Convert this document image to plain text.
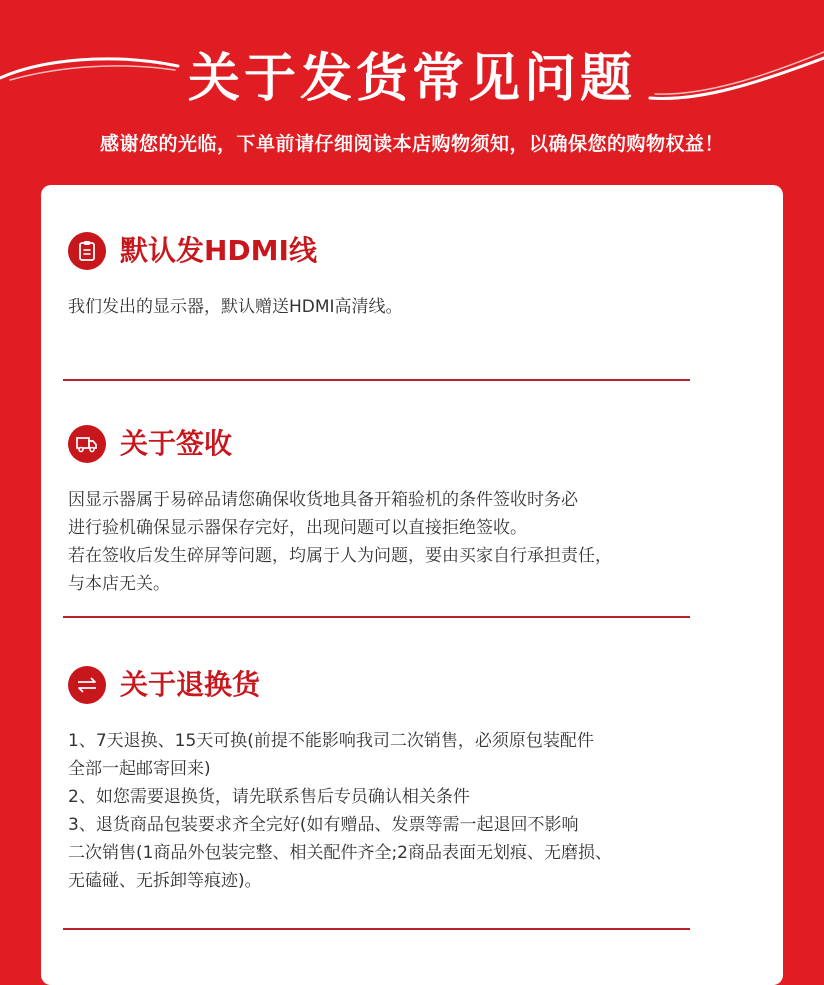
关于发货常见问题
感谢您的光临，下单前请仔细阅读本店购物须知，以确保您的购物权益！
默认发HDMI线

我们发出的显示器，默认赠送HDMI高清线。

关于签收

因显示器属于易碎品请您确保收货地具备开箱验机的条件签收时务必

进行验机确保显示器保存完好，出现问题可以直接拒绝签收。

若在签收后发生碎屏等问题，均属于人为问题，要由买家自行承担责任，

与本店无关。

关于退换货

1、7天退换、15天可换(前提不能影响我司二次销售，必须原包装配件

全部一起邮寄回来)

2、如您需要退换货，请先联系售后专员确认相关条件

3、退货商品包装要求齐全完好(如有赠品、发票等需一起退回不影响

二次销售(1商品外包装完整、相关配件齐全;2商品表面无划痕、无磨损、

无磕碰、无拆卸等痕迹)。
